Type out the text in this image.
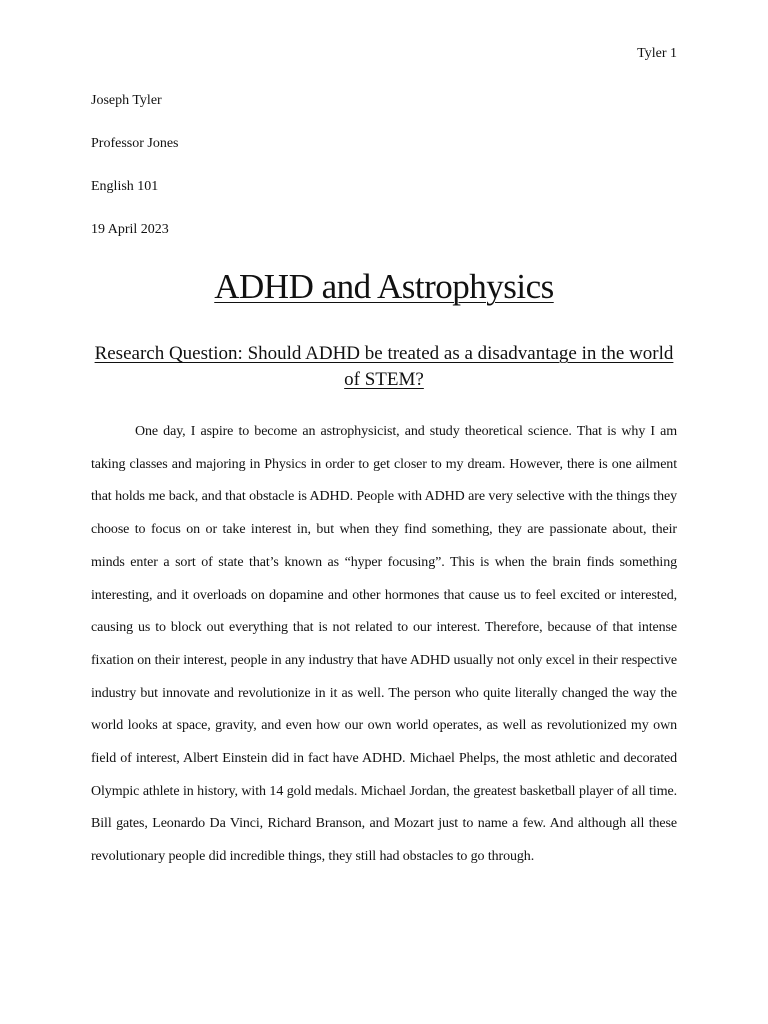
Tyler 1
Joseph Tyler
Professor Jones
English 101
19 April 2023
ADHD and Astrophysics
Research Question: Should ADHD be treated as a disadvantage in the world of STEM?

One day, I aspire to become an astrophysicist, and study theoretical science. That is why I am taking classes and majoring in Physics in order to get closer to my dream. However, there is one ailment that holds me back, and that obstacle is ADHD. People with ADHD are very selective with the things they choose to focus on or take interest in, but when they find something, they are passionate about, their minds enter a sort of state that’s known as “hyper focusing”. This is when the brain finds something interesting, and it overloads on dopamine and other hormones that cause us to feel excited or interested, causing us to block out everything that is not related to our interest. Therefore, because of that intense fixation on their interest, people in any industry that have ADHD usually not only excel in their respective industry but innovate and revolutionize in it as well. The person who quite literally changed the way the world looks at space, gravity, and even how our own world operates, as well as revolutionized my own field of interest, Albert Einstein did in fact have ADHD. Michael Phelps, the most athletic and decorated Olympic athlete in history, with 14 gold medals. Michael Jordan, the greatest basketball player of all time. Bill gates, Leonardo Da Vinci, Richard Branson, and Mozart just to name a few. And although all these revolutionary people did incredible things, they still had obstacles to go through.
